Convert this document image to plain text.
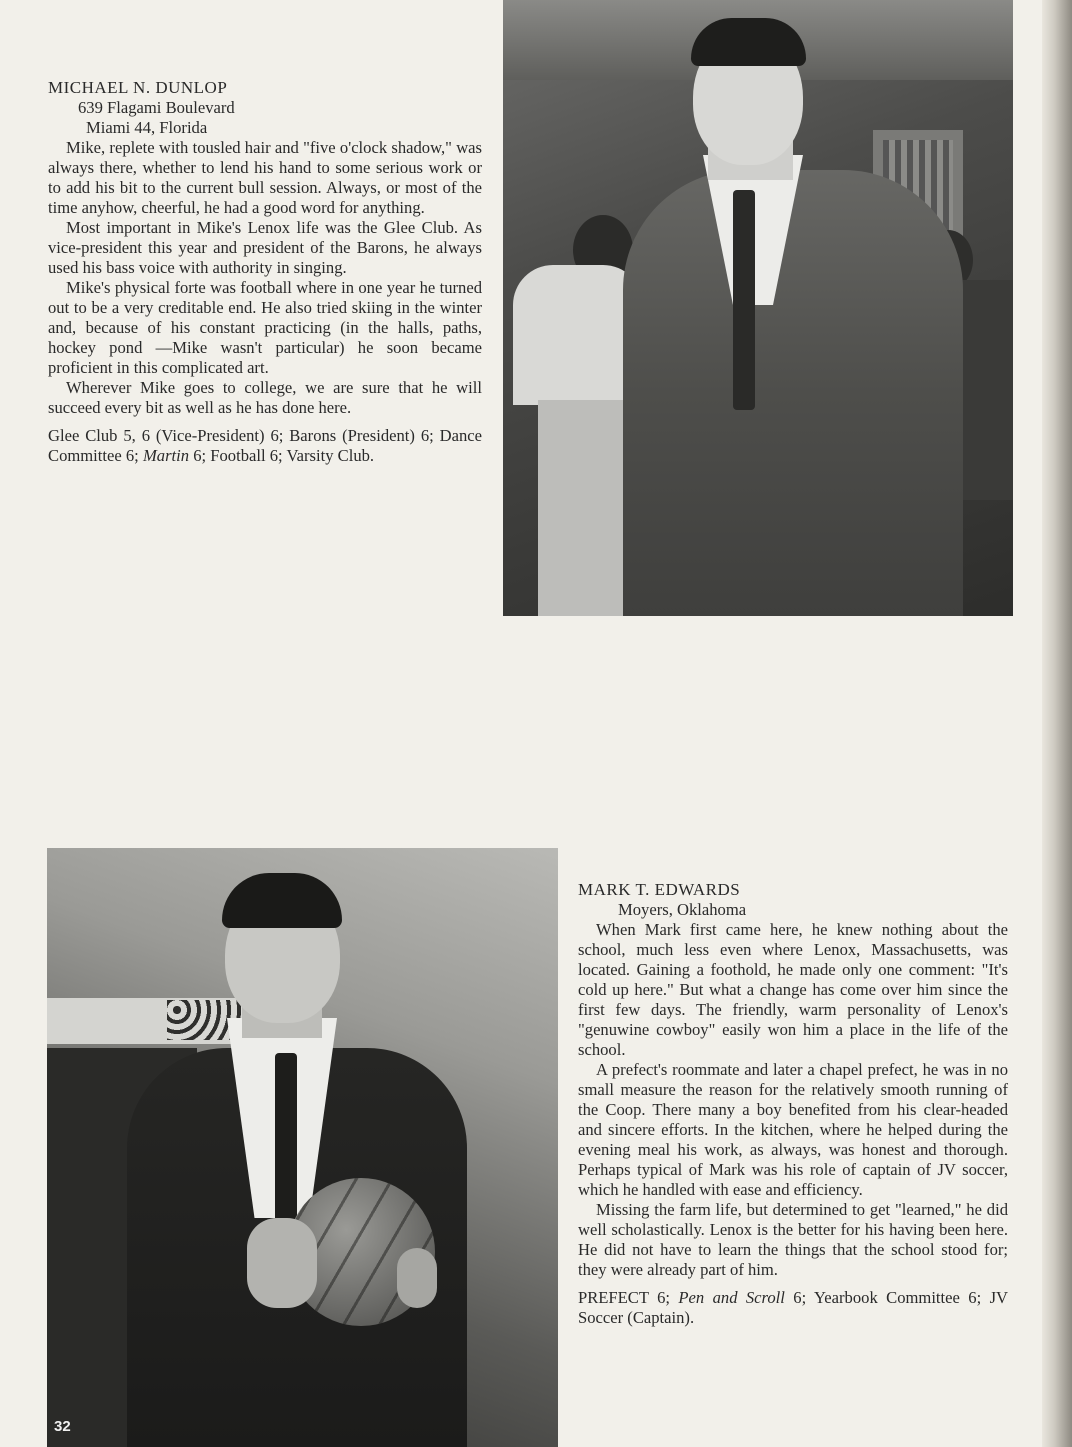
MICHAEL N. DUNLOP
639 Flagami Boulevard
Miami 44, Florida

Mike, replete with tousled hair and "five o'clock shadow," was always there, whether to lend his hand to some serious work or to add his bit to the current bull session. Always, or most of the time anyhow, cheerful, he had a good word for anything.

Most important in Mike's Lenox life was the Glee Club. As vice-president this year and president of the Barons, he always used his bass voice with authority in singing.

Mike's physical forte was football where in one year he turned out to be a very creditable end. He also tried skiing in the winter and, because of his constant practicing (in the halls, paths, hockey pond —Mike wasn't particular) he soon became proficient in this complicated art.

Wherever Mike goes to college, we are sure that he will succeed every bit as well as he has done here.

Glee Club 5, 6 (Vice-President) 6; Barons (President) 6; Dance Committee 6; Martin 6; Football 6; Varsity Club.

32
MARK T. EDWARDS
Moyers, Oklahoma

When Mark first came here, he knew nothing about the school, much less even where Lenox, Massachusetts, was located. Gaining a foothold, he made only one comment: "It's cold up here." But what a change has come over him since the first few days. The friendly, warm personality of Lenox's "genuwine cowboy" easily won him a place in the life of the school.

A prefect's roommate and later a chapel prefect, he was in no small measure the reason for the relatively smooth running of the Coop. There many a boy benefited from his clear-headed and sincere efforts. In the kitchen, where he helped during the evening meal his work, as always, was honest and thorough. Perhaps typical of Mark was his role of captain of JV soccer, which he handled with ease and efficiency.

Missing the farm life, but determined to get "learned," he did well scholastically. Lenox is the better for his having been here. He did not have to learn the things that the school stood for; they were already part of him.

PREFECT 6; Pen and Scroll 6; Yearbook Committee 6; JV Soccer (Captain).
